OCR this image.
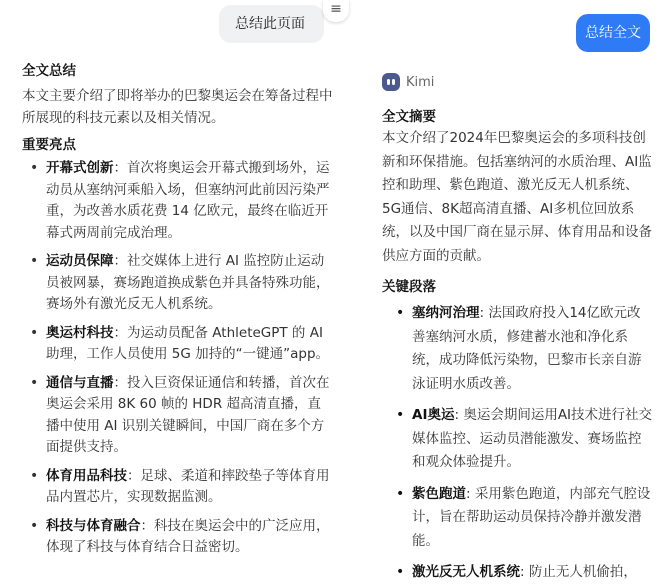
总结此页面
≡
全文总结
本文主要介绍了即将举办的巴黎奥运会在筹备过程中所展现的科技元素以及相关情况。
重要亮点
• 开幕式创新：首次将奥运会开幕式搬到场外，运动员从塞纳河乘船入场，但塞纳河此前因污染严重，为改善水质花费 14 亿欧元，最终在临近开幕式两周前完成治理。
• 运动员保障：社交媒体上进行 AI 监控防止运动员被网暴，赛场跑道换成紫色并具备特殊功能，赛场外有激光反无人机系统。
• 奥运村科技：为运动员配备 AthleteGPT 的 AI 助理，工作人员使用 5G 加持的“一键通”app。
• 通信与直播：投入巨资保证通信和转播，首次在奥运会采用 8K 60 帧的 HDR 超高清直播，直播中使用 AI 识别关键瞬间，中国厂商在多个方面提供支持。
• 体育用品科技：足球、柔道和摔跤垫子等体育用品内置芯片，实现数据监测。
• 科技与体育融合：科技在奥运会中的广泛应用，体现了科技与体育结合日益密切。
总结全文
Kimi
全文摘要
本文介绍了2024年巴黎奥运会的多项科技创新和环保措施。包括塞纳河的水质治理、AI监控和助理、紫色跑道、激光反无人机系统、5G通信、8K超高清直播、AI多机位回放系统，以及中国厂商在显示屏、体育用品和设备供应方面的贡献。
关键段落
• 塞纳河治理: 法国政府投入14亿欧元改善塞纳河水质，修建蓄水池和净化系统，成功降低污染物，巴黎市长亲自游泳证明水质改善。
• AI奥运: 奥运会期间运用AI技术进行社交媒体监控、运动员潜能激发、赛场监控和观众体验提升。
• 紫色跑道: 采用紫色跑道，内部充气腔设计，旨在帮助运动员保持冷静并激发潜能。
• 激光反无人机系统: 防止无人机偷拍，
